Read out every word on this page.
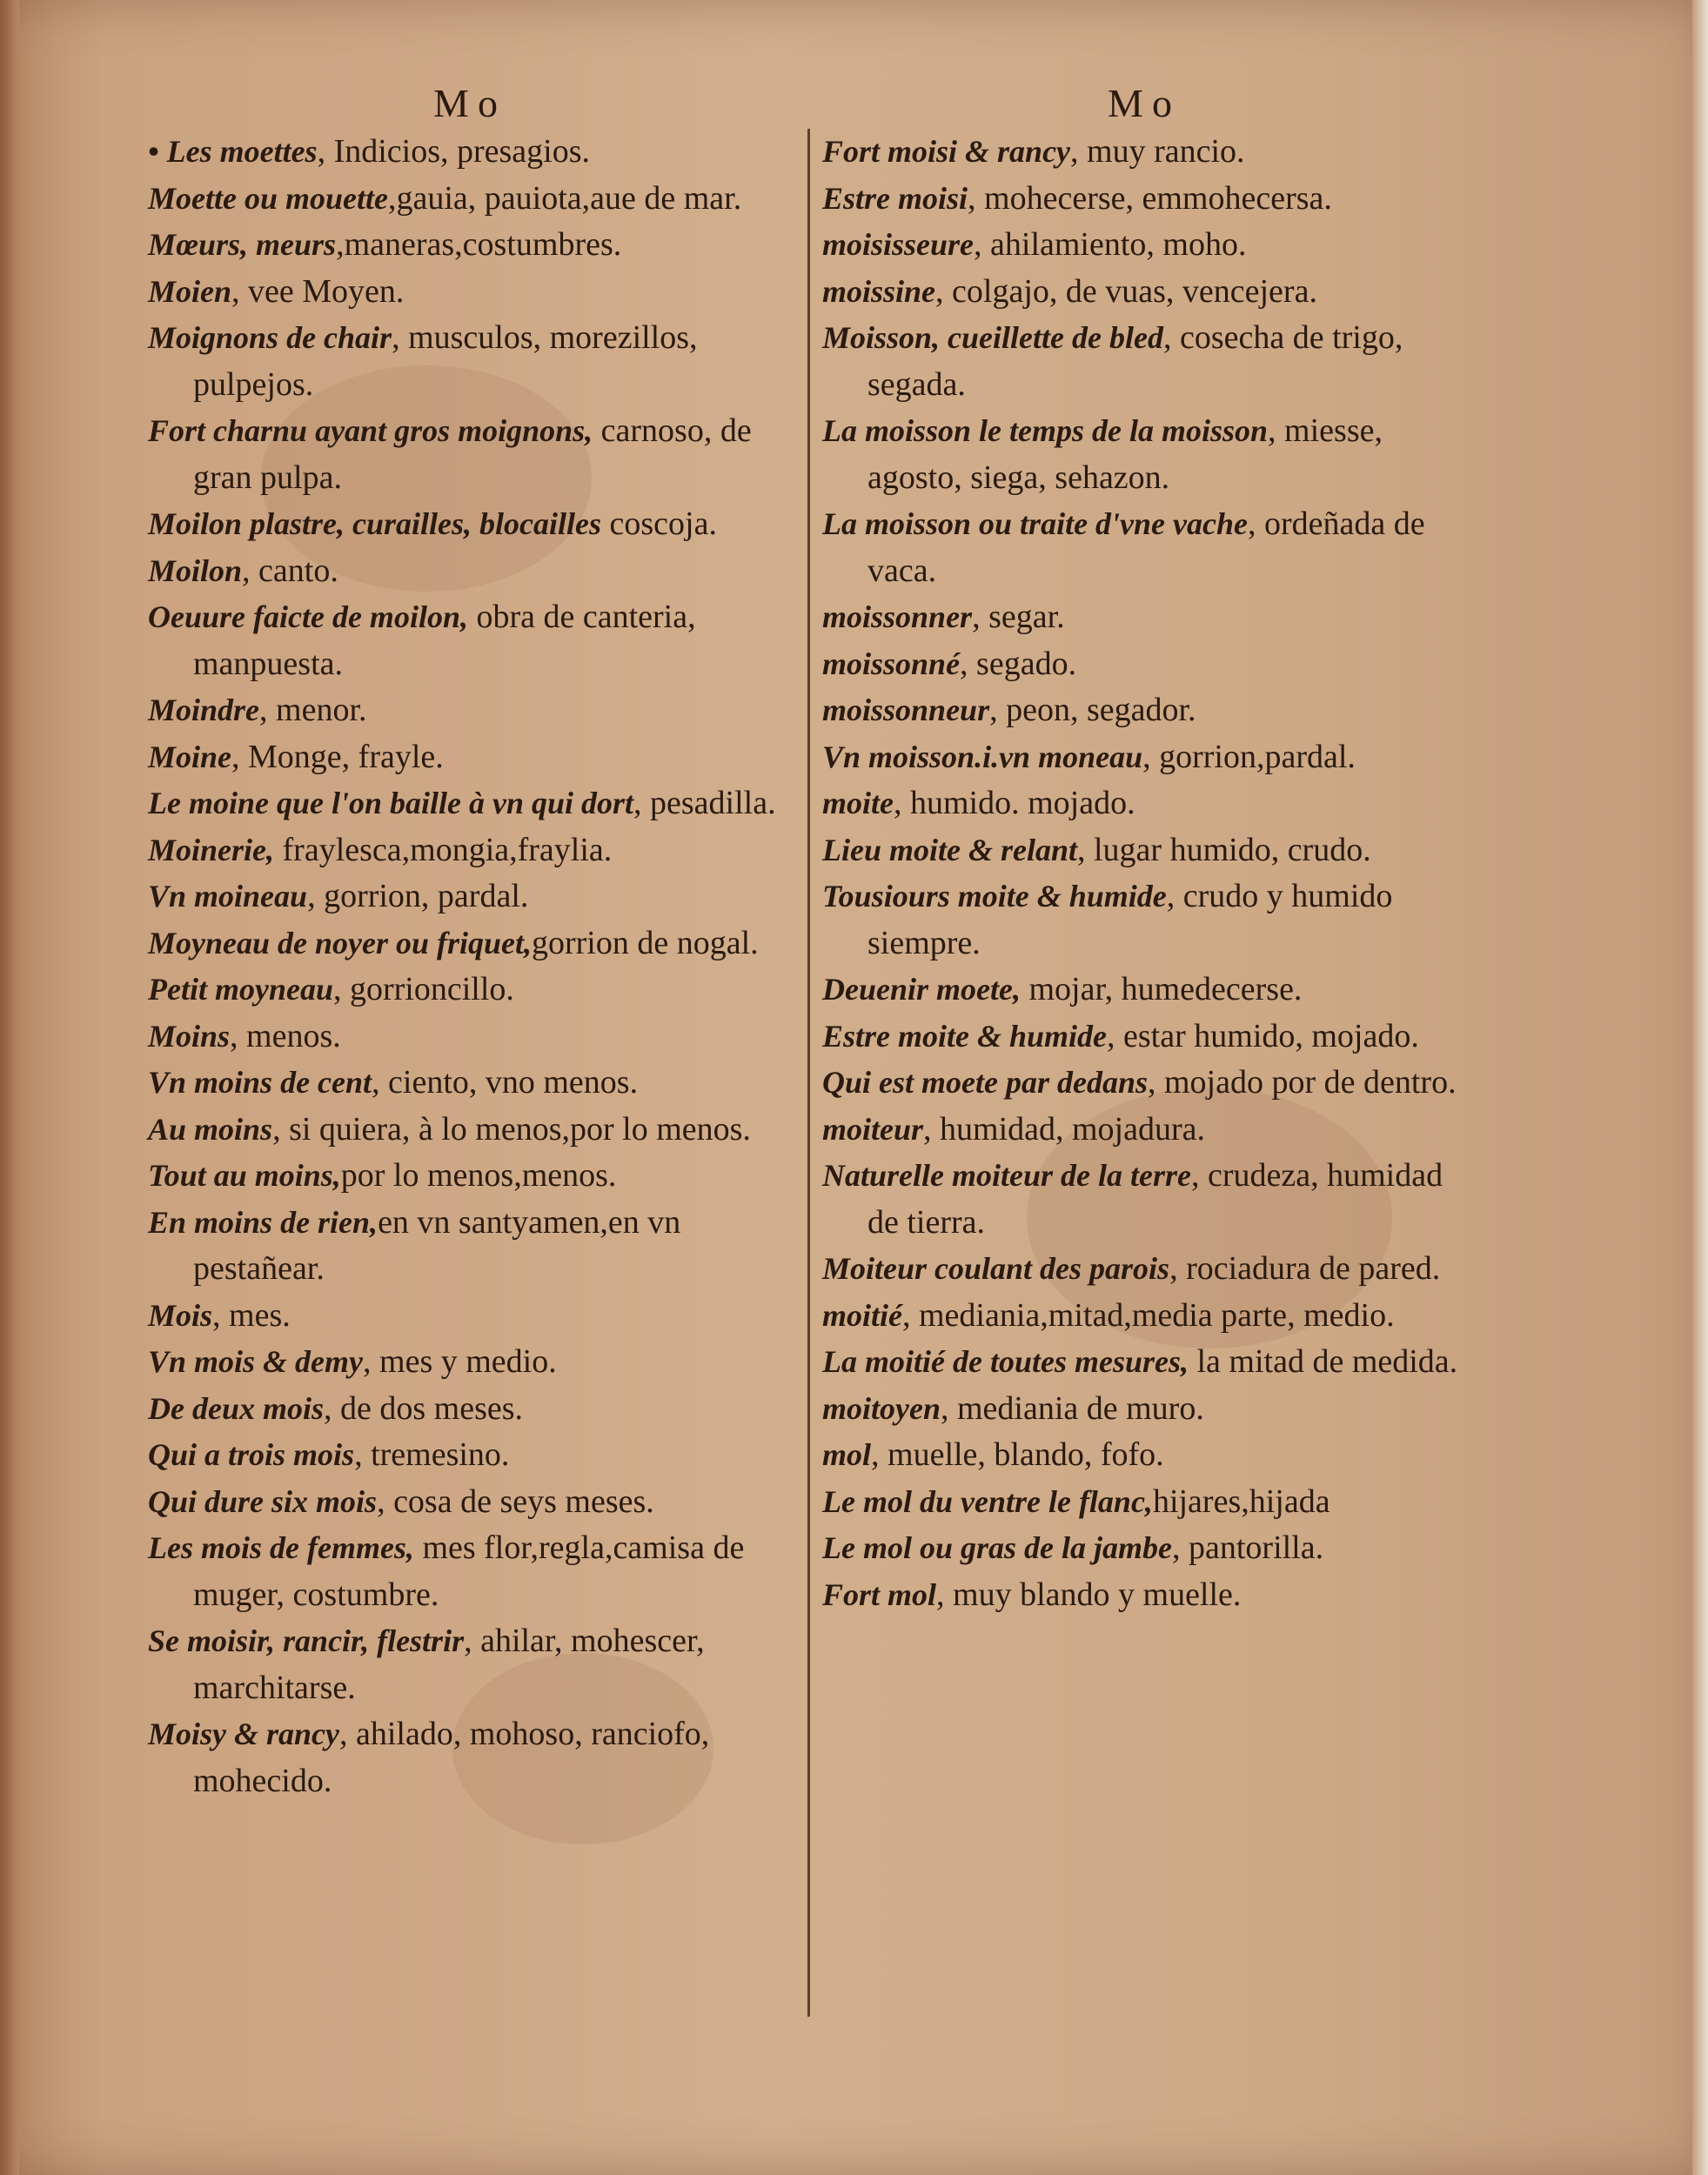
Mo

• Les moettes, Indicios, presagios.

Moette ou mouette,gauia, pauiota,aue de mar.

Mœurs, meurs,maneras,costumbres.

Moien, vee Moyen.

Moignons de chair, musculos, morezillos, pulpejos.

Fort charnu ayant gros moignons, carnoso, de gran pulpa.

Moilon plastre, curailles, blocailles coscoja.

Moilon, canto.

Oeuure faicte de moilon, obra de canteria, manpuesta.

Moindre, menor.

Moine, Monge, frayle.

Le moine que l'on baille à vn qui dort, pesadilla.

Moinerie, fraylesca,mongia,fraylia.

Vn moineau, gorrion, pardal.

Moyneau de noyer ou friquet,gorrion de nogal.

Petit moyneau, gorrioncillo.

Moins, menos.

Vn moins de cent, ciento, vno menos.

Au moins, si quiera, à lo menos,por lo menos.

Tout au moins,por lo menos,menos.

En moins de rien,en vn santyamen,en vn pestañear.

Mois, mes.

Vn mois & demy, mes y medio.

De deux mois, de dos meses.

Qui a trois mois, tremesino.

Qui dure six mois, cosa de seys meses.

Les mois de femmes, mes flor,regla,camisa de muger, costumbre.

Se moisir, rancir, flestrir, ahilar, mohescer, marchitarse.

Moisy & rancy, ahilado, mohoso, ranciofo, mohecido.

Mo

Fort moisi & rancy, muy rancio.

Estre moisi, mohecerse, emmohecersa.

moisisseure, ahilamiento, moho.

moissine, colgajo, de vuas, vencejera.

Moisson, cueillette de bled, cosecha de trigo, segada.

La moisson le temps de la moisson, miesse, agosto, siega, sehazon.

La moisson ou traite d'vne vache, ordeñada de vaca.

moissonner, segar.

moissonné, segado.

moissonneur, peon, segador.

Vn moisson.i.vn moneau, gorrion,pardal.

moite, humido. mojado.

Lieu moite & relant, lugar humido, crudo.

Tousiours moite & humide, crudo y humido siempre.

Deuenir moete, mojar, humedecerse.

Estre moite & humide, estar humido, mojado.

Qui est moete par dedans, mojado por de dentro.

moiteur, humidad, mojadura.

Naturelle moiteur de la terre, crudeza, humidad de tierra.

Moiteur coulant des parois, rociadura de pared.

moitié, mediania,mitad,media parte, medio.

La moitié de toutes mesures, la mitad de medida.

moitoyen, mediania de muro.

mol, muelle, blando, fofo.

Le mol du ventre le flanc,hijares,hijada

Le mol ou gras de la jambe, pantorilla.

Fort mol, muy blando y muelle.
